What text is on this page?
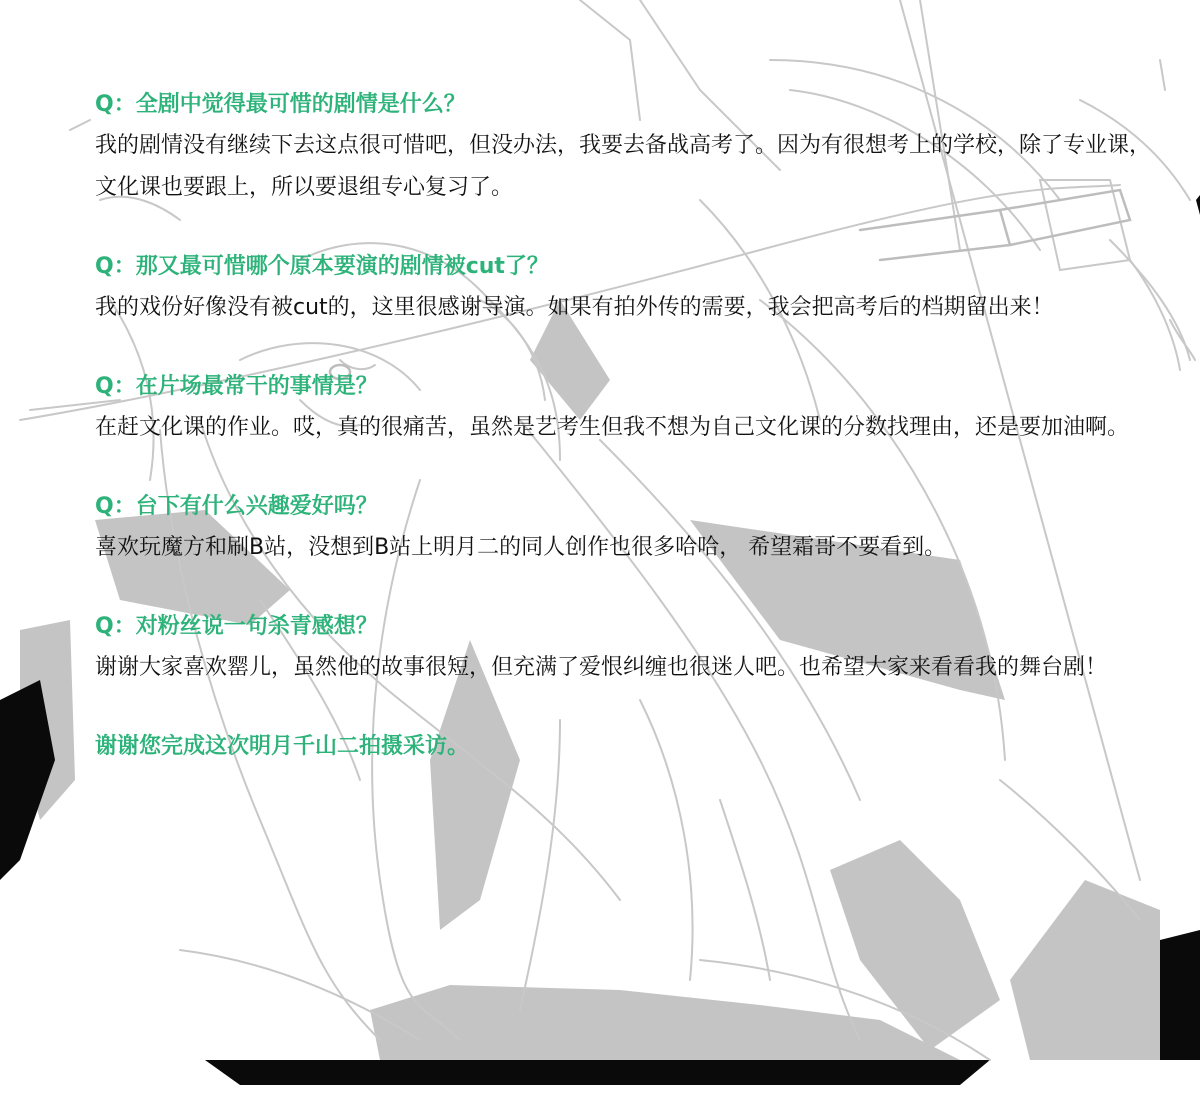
Q：全剧中觉得最可惜的剧情是什么？

我的剧情没有继续下去这点很可惜吧，但没办法，我要去备战高考了。因为有很想考上的学校，除了专业课，文化课也要跟上，所以要退组专心复习了。

Q：那又最可惜哪个原本要演的剧情被cut了？

我的戏份好像没有被cut的，这里很感谢导演。如果有拍外传的需要，我会把高考后的档期留出来！

Q：在片场最常干的事情是？

在赶文化课的作业。哎，真的很痛苦，虽然是艺考生但我不想为自己文化课的分数找理由，还是要加油啊。

Q：台下有什么兴趣爱好吗？

喜欢玩魔方和刷B站，没想到B站上明月二的同人创作也很多哈哈， 希望霜哥不要看到。

Q：对粉丝说一句杀青感想？

谢谢大家喜欢罂儿，虽然他的故事很短，但充满了爱恨纠缠也很迷人吧。也希望大家来看看我的舞台剧！

谢谢您完成这次明月千山二拍摄采访。
